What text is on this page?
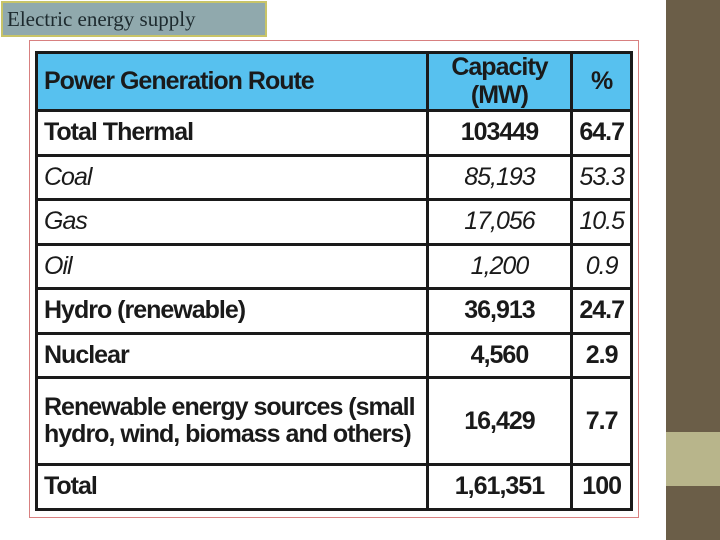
Electric energy supply
Power Generation Route	Capacity (MW)	%
Total Thermal	103449	64.7
Coal	85,193	53.3
Gas	17,056	10.5
Oil	1,200	0.9
Hydro (renewable)	36,913	24.7
Nuclear	4,560	2.9
Renewable energy sources (small hydro, wind, biomass and others)	16,429	7.7
Total	1,61,351	100
